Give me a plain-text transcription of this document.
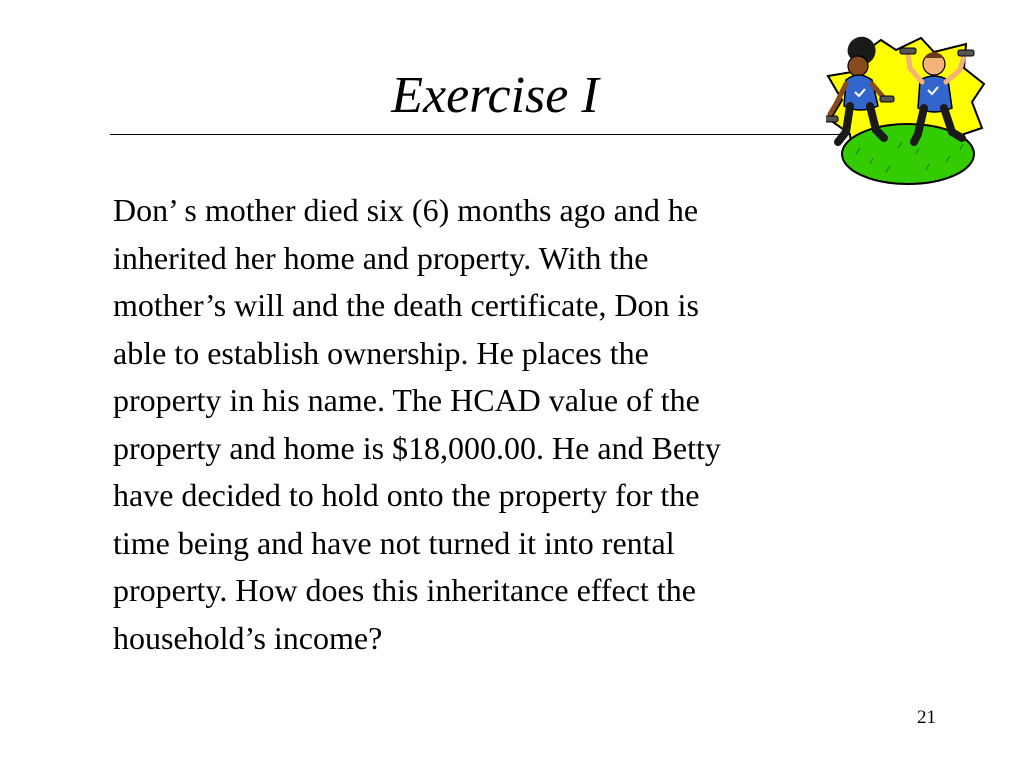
Exercise I

Don’ s mother died six (6) months ago and he
inherited her home and property. With the
mother’s will and the death certificate, Don is
able to establish ownership. He places the
property in his name. The HCAD value of the
property and home is $18,000.00. He and Betty
have decided to hold onto the property for the
time being and have not turned it into rental
property. How does this inheritance effect the
household’s income?

21
